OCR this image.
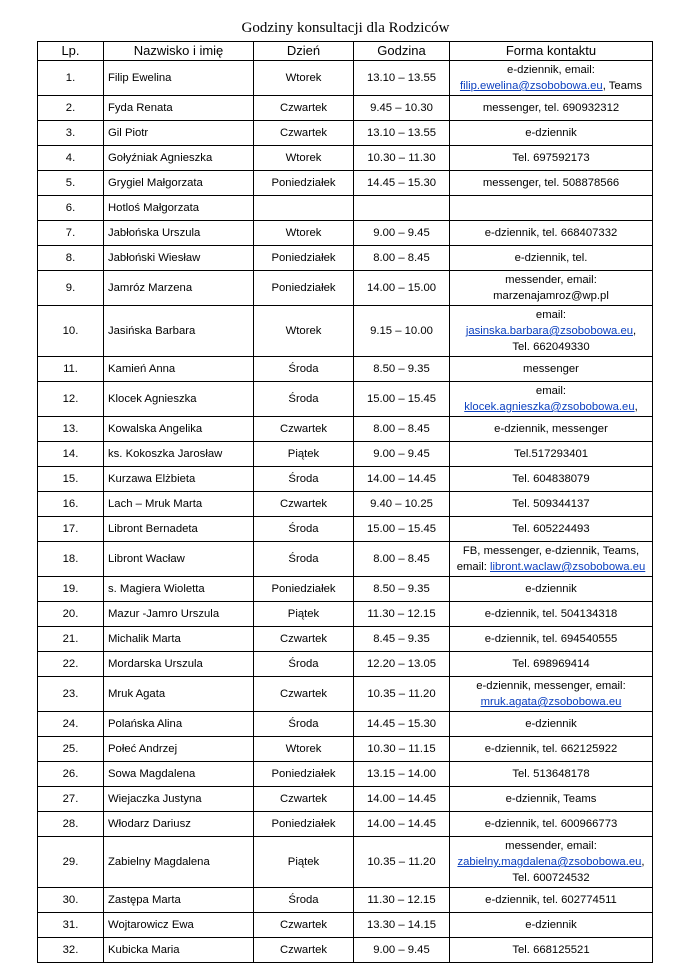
Godziny konsultacji dla Rodziców
Lp.	Nazwisko i imię	Dzień	Godzina	Forma kontaktu
1.	Filip Ewelina	Wtorek	13.10 – 13.55	e-dziennik, email:
filip.ewelina@zsobobowa.eu, Teams

2.	Fyda Renata	Czwartek	9.45 – 10.30	messenger, tel. 690932312

3.	Gil Piotr	Czwartek	13.10 – 13.55	e-dziennik

4.	Gołyźniak Agnieszka	Wtorek	10.30 – 11.30	Tel. 697592173

5.	Grygiel Małgorzata	Poniedziałek	14.45 – 15.30	messenger, tel. 508878566

6.	Hotloś Małgorzata			

7.	Jabłońska Urszula	Wtorek	9.00 – 9.45	e-dziennik, tel. 668407332

8.	Jabłoński Wiesław	Poniedziałek	8.00 – 8.45	e-dziennik, tel.

9.	Jamróz Marzena	Poniedziałek	14.00 – 15.00	messender, email:
marzenajamroz@wp.pl

10.	Jasińska Barbara	Wtorek	9.15 – 10.00	email:
jasinska.barbara@zsobobowa.eu,
Tel. 662049330

11.	Kamień Anna	Środa	8.50 – 9.35	messenger

12.	Klocek Agnieszka	Środa	15.00 – 15.45	email:
klocek.agnieszka@zsobobowa.eu,

13.	Kowalska Angelika	Czwartek	8.00 – 8.45	e-dziennik, messenger

14.	ks. Kokoszka Jarosław	Piątek	9.00 – 9.45	Tel.517293401

15.	Kurzawa Elżbieta	Środa	14.00 – 14.45	Tel. 604838079

16.	Lach – Mruk Marta	Czwartek	9.40 – 10.25	Tel. 509344137

17.	Libront Bernadeta	Środa	15.00 – 15.45	Tel. 605224493

18.	Libront Wacław	Środa	8.00 – 8.45	FB, messenger, e-dziennik, Teams,
email: libront.waclaw@zsobobowa.eu

19.	s. Magiera Wioletta	Poniedziałek	8.50 – 9.35	e-dziennik

20.	Mazur -Jamro Urszula	Piątek	11.30 – 12.15	e-dziennik, tel. 504134318

21.	Michalik Marta	Czwartek	8.45 – 9.35	e-dziennik, tel. 694540555

22.	Mordarska Urszula	Środa	12.20 – 13.05	Tel. 698969414

23.	Mruk Agata	Czwartek	10.35 – 11.20	e-dziennik, messenger, email:
mruk.agata@zsobobowa.eu

24.	Polańska Alina	Środa	14.45 – 15.30	e-dziennik

25.	Połeć Andrzej	Wtorek	10.30 – 11.15	e-dziennik, tel. 662125922

26.	Sowa Magdalena	Poniedziałek	13.15 – 14.00	Tel. 513648178

27.	Wiejaczka Justyna	Czwartek	14.00 – 14.45	e-dziennik, Teams

28.	Włodarz Dariusz	Poniedziałek	14.00 – 14.45	e-dziennik, tel. 600966773

29.	Zabielny Magdalena	Piątek	10.35 – 11.20	messender, email:
zabielny.magdalena@zsobobowa.eu,
Tel. 600724532

30.	Zastępa Marta	Środa	11.30 – 12.15	e-dziennik, tel. 602774511

31.	Wojtarowicz Ewa	Czwartek	13.30 – 14.15	e-dziennik

32.	Kubicka Maria	Czwartek	9.00 – 9.45	Tel. 668125521
